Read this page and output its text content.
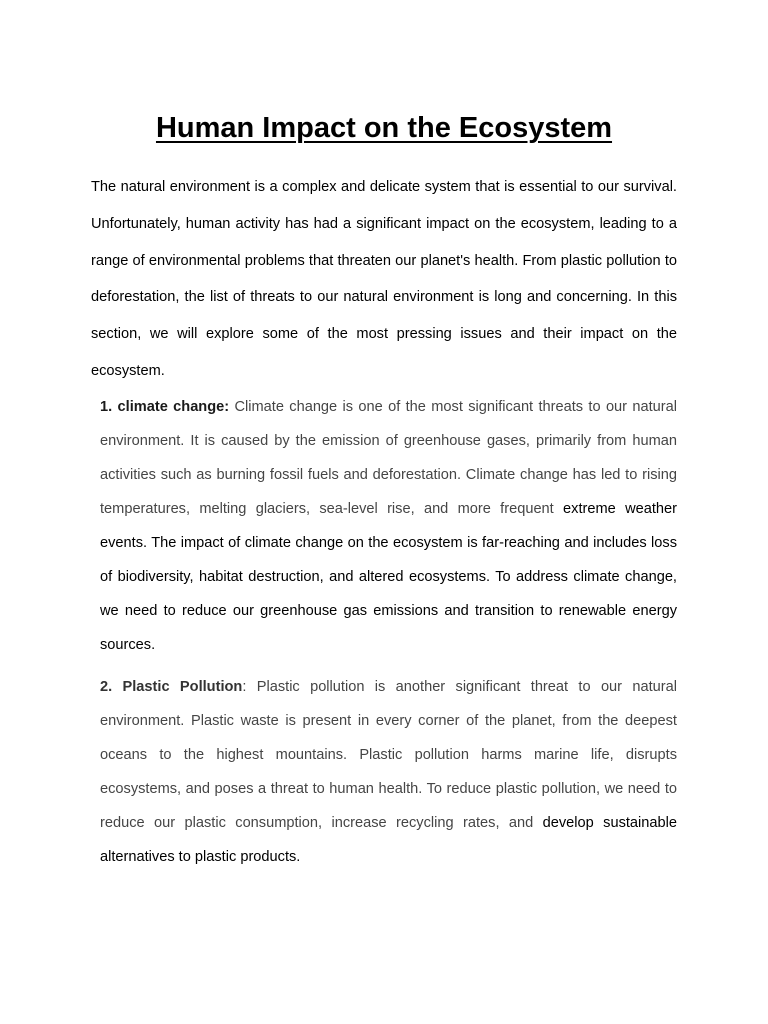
Human Impact on the Ecosystem

The natural environment is a complex and delicate system that is essential to our survival. Unfortunately, human activity has had a significant impact on the ecosystem, leading to a range of environmental problems that threaten our planet's health. From plastic pollution to deforestation, the list of threats to our natural environment is long and concerning. In this section, we will explore some of the most pressing issues and their impact on the ecosystem.

1. climate change: Climate change is one of the most significant threats to our natural environment. It is caused by the emission of greenhouse gases, primarily from human activities such as burning fossil fuels and deforestation. Climate change has led to rising temperatures, melting glaciers, sea-level rise, and more frequent extreme weather events. The impact of climate change on the ecosystem is far-reaching and includes loss of biodiversity, habitat destruction, and altered ecosystems. To address climate change, we need to reduce our greenhouse gas emissions and transition to renewable energy sources.

2. Plastic Pollution: Plastic pollution is another significant threat to our natural environment. Plastic waste is present in every corner of the planet, from the deepest oceans to the highest mountains. Plastic pollution harms marine life, disrupts ecosystems, and poses a threat to human health. To reduce plastic pollution, we need to reduce our plastic consumption, increase recycling rates, and develop sustainable alternatives to plastic products.
